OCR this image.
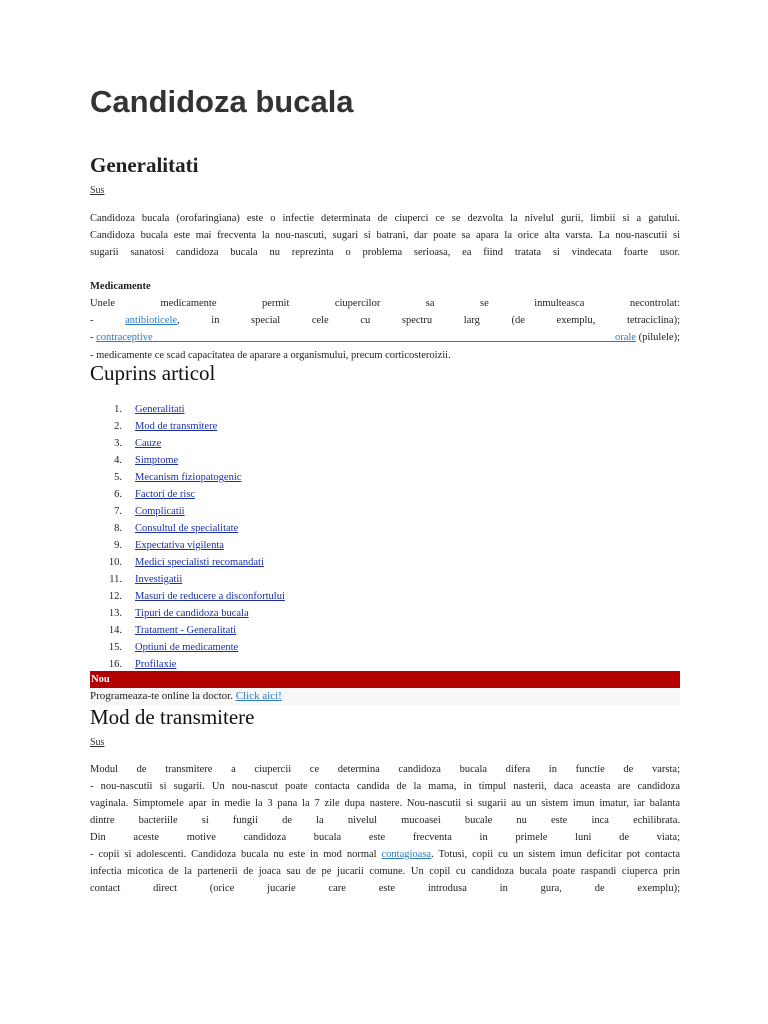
Candidoza bucala
Generalitati
Sus
Candidoza bucala (orofaringiana) este o infectie determinata de ciuperci ce se dezvolta la nivelul gurii, limbii si a gatului.
Candidoza bucala este mai frecventa la nou-nascuti, sugari si batrani, dar poate sa apara la orice alta varsta. La nou-nascutii si
sugarii sanatosi candidoza bucala nu reprezinta o problema serioasa, ea fiind tratata si vindecata foarte usor.
Medicamente
Unele medicamente permit ciupercilor sa se inmulteasca necontrolat:
- antibioticele, in special cele cu spectru larg (de exemplu, tetraciclina);
- contraceptive	orale (pilulele);
- medicamente ce scad capacitatea de aparare a organismului, precum corticosteroizii.
Cuprins articol
1. Generalitati
2. Mod de transmitere
3. Cauze
4. Simptome
5. Mecanism fiziopatogenic
6. Factori de risc
7. Complicatii
8. Consultul de specialitate
9. Expectativa vigilenta
10. Medici specialisti recomandati
11. Investigatii
12. Masuri de reducere a disconfortului
13. Tipuri de candidoza bucala
14. Tratament - Generalitati
15. Optiuni de medicamente
16. Profilaxie
Nou
Programeaza-te online la doctor. Click aici!
Mod de transmitere
Sus
Modul de transmitere a ciupercii ce determina candidoza bucala difera in functie de varsta;
- nou-nascutii si sugarii. Un nou-nascut poate contacta candida de la mama, in timpul nasterii, daca aceasta are candidoza
vaginala. Simptomele apar in medie la 3 pana la 7 zile dupa nastere. Nou-nascutii si sugarii au un sistem imun imatur, iar balanta
dintre bacteriile si fungii de la nivelul mucoasei bucale nu este inca echilibrata.
Din aceste motive candidoza bucala este frecventa in primele luni de viata;
- copii si adolescenti. Candidoza bucala nu este in mod normal contagioasa. Totusi, copii cu un sistem imun deficitar pot contacta
infectia micotica de la partenerii de joaca sau de pe jucarii comune. Un copil cu candidoza bucala poate raspandi ciuperca prin
contact direct (orice jucarie care este introdusa in gura, de exemplu);
